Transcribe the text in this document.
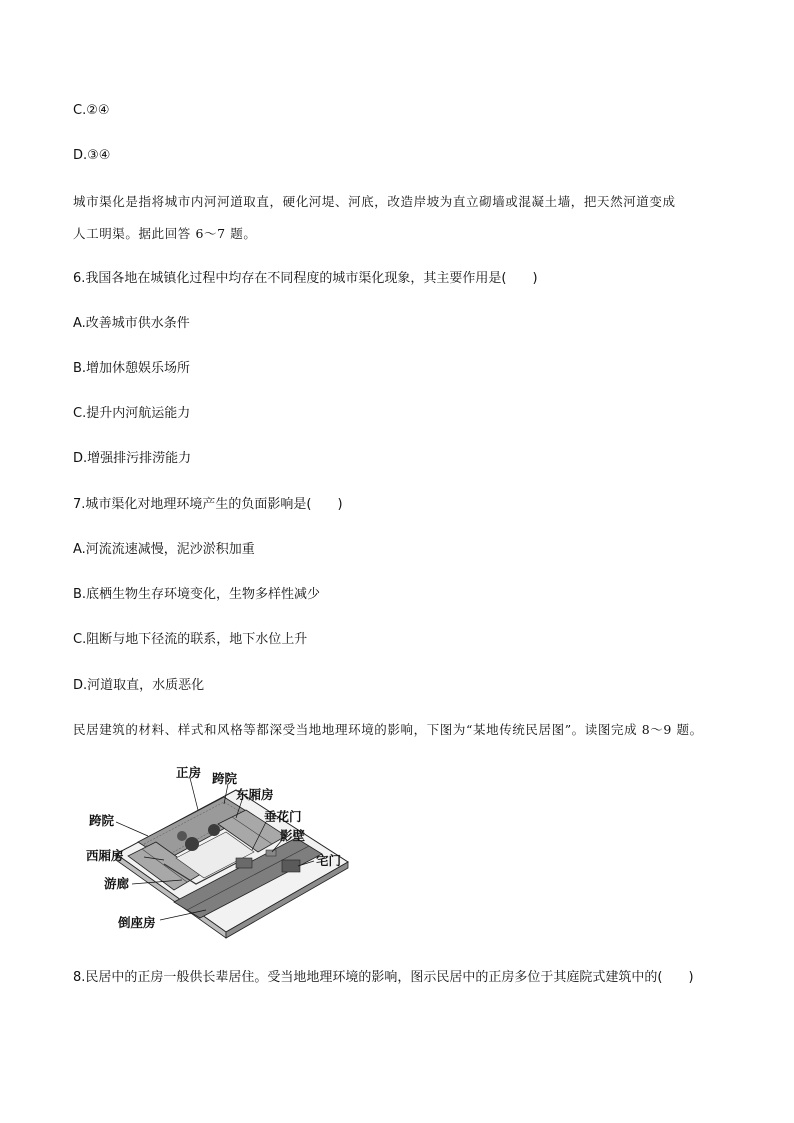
C.②④
D.③④
城市渠化是指将城市内河河道取直，硬化河堤、河底，改造岸坡为直立砌墙或混凝土墙，把天然河道变成
人工明渠。据此回答 6～7 题。
6.我国各地在城镇化过程中均存在不同程度的城市渠化现象，其主要作用是(　　)
A.改善城市供水条件
B.增加休憩娱乐场所
C.提升内河航运能力
D.增强排污排涝能力
7.城市渠化对地理环境产生的负面影响是(　　)
A.河流流速减慢，泥沙淤积加重
B.底栖生物生存环境变化，生物多样性减少
C.阻断与地下径流的联系，地下水位上升
D.河道取直，水质恶化
民居建筑的材料、样式和风格等都深受当地地理环境的影响，下图为“某地传统民居图”。读图完成 8～9 题。
正房 跨院
东厢房
跨院	垂花门
影壁
西厢房	宅门
游廊
倒座房
8.民居中的正房一般供长辈居住。受当地地理环境的影响，图示民居中的正房多位于其庭院式建筑中的(　　)
